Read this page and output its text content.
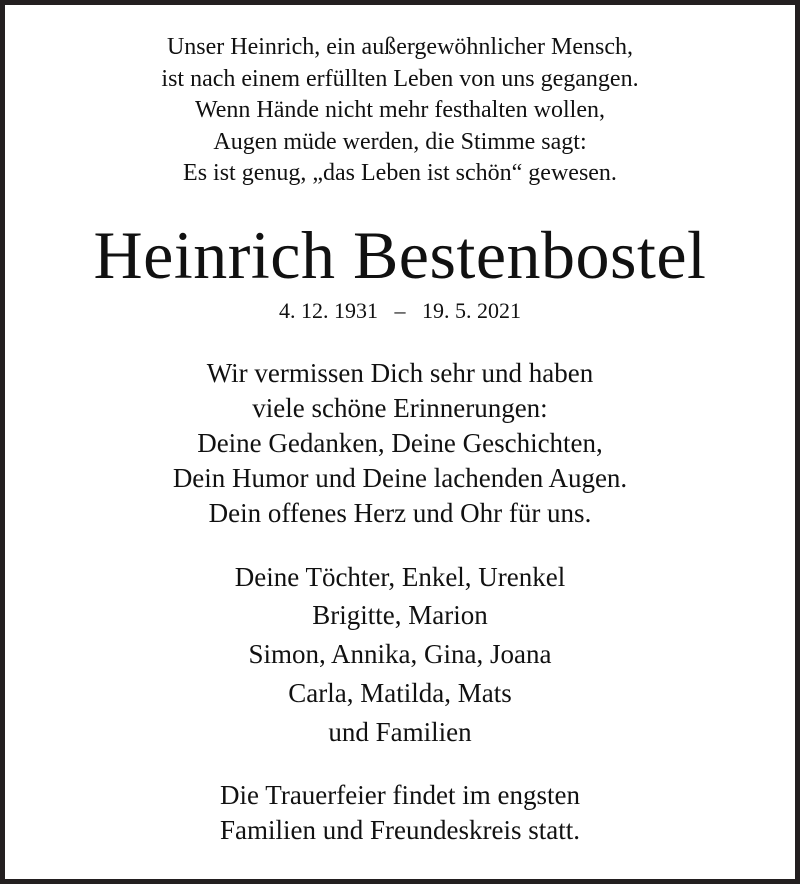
Unser Heinrich, ein außergewöhnlicher Mensch,
ist nach einem erfüllten Leben von uns gegangen.
Wenn Hände nicht mehr festhalten wollen,
Augen müde werden, die Stimme sagt:
Es ist genug, „das Leben ist schön“ gewesen.
Heinrich Bestenbostel
4. 12. 1931   –   19. 5. 2021
Wir vermissen Dich sehr und haben
viele schöne Erinnerungen:
Deine Gedanken, Deine Geschichten,
Dein Humor und Deine lachenden Augen.
Dein offenes Herz und Ohr für uns.
Deine Töchter, Enkel, Urenkel
Brigitte, Marion
Simon, Annika, Gina, Joana
Carla, Matilda, Mats
und Familien
Die Trauerfeier findet im engsten
Familien und Freundeskreis statt.
